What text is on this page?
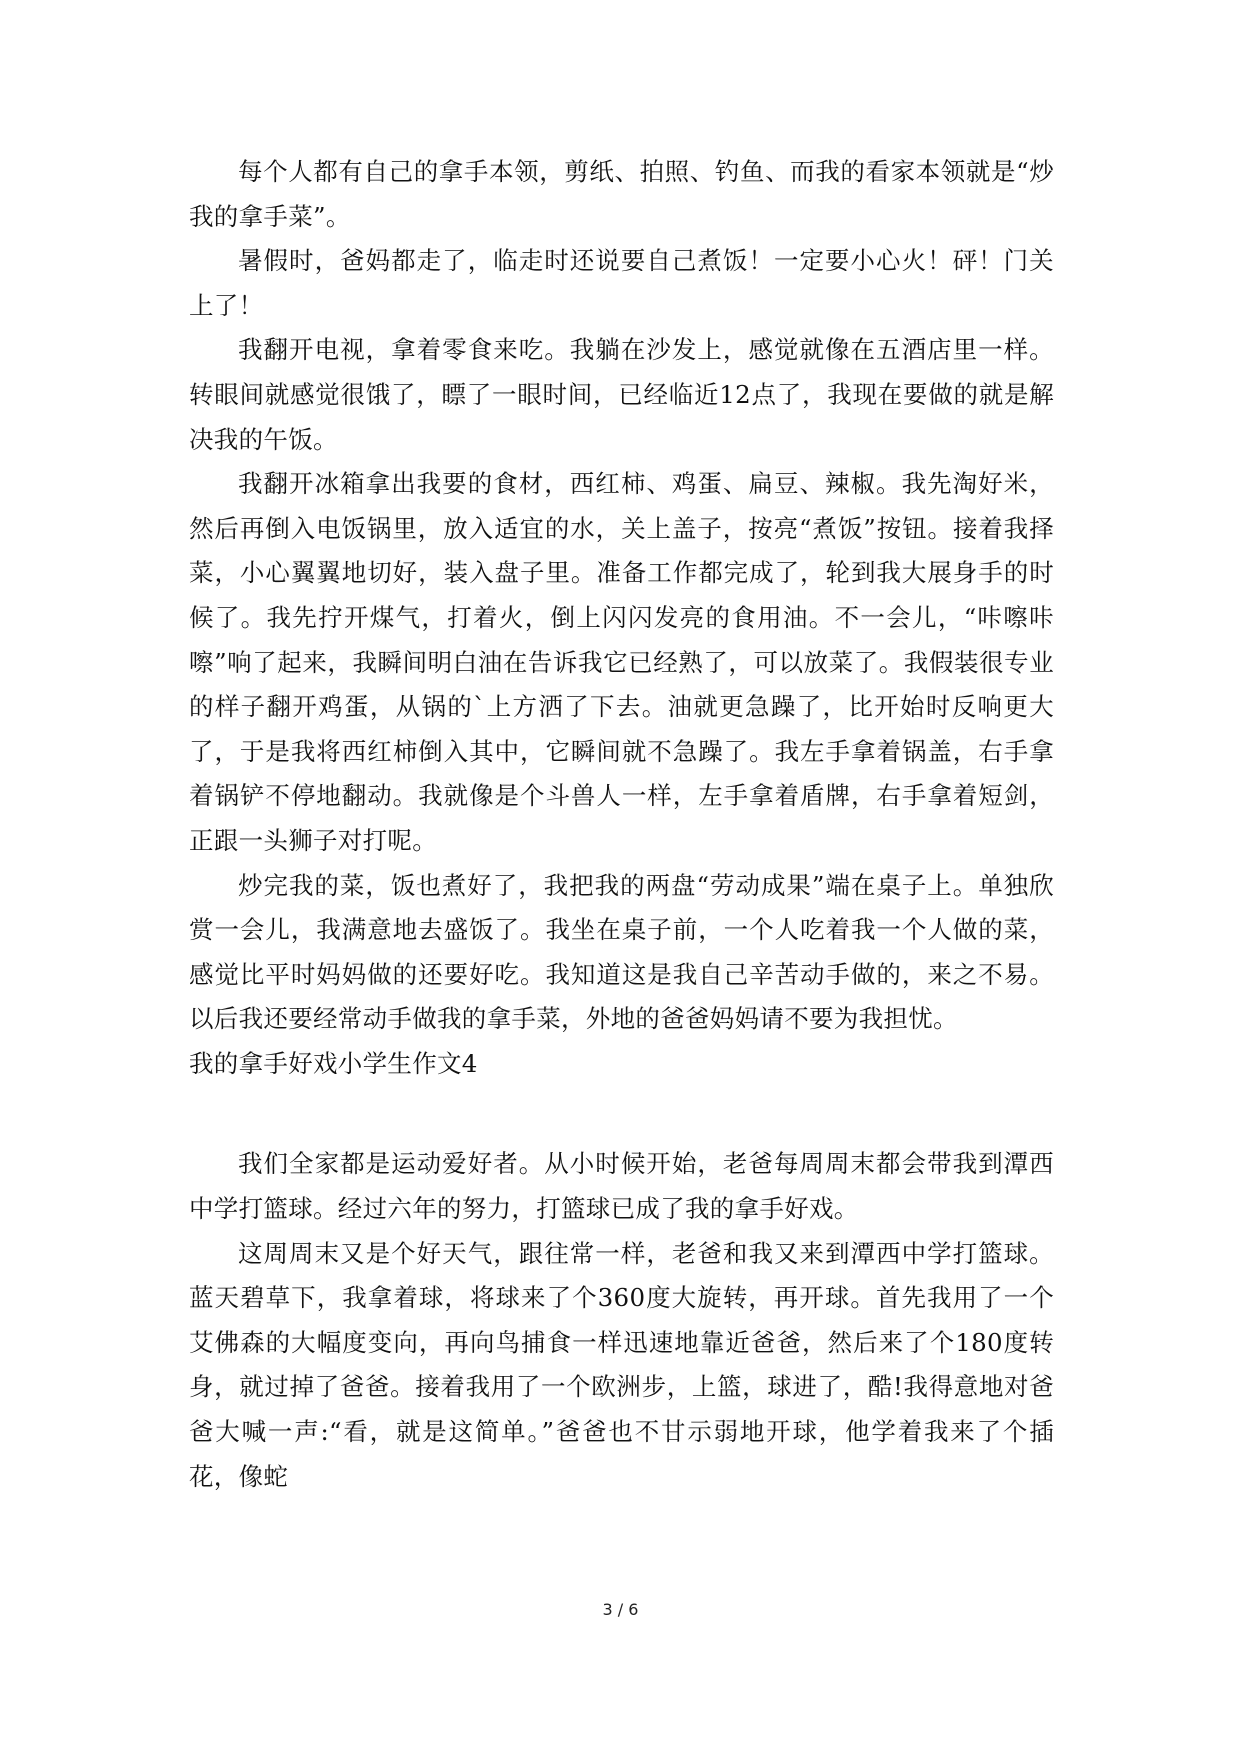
每个人都有自己的拿手本领，剪纸、拍照、钓鱼、而我的看家本领就是“炒我的拿手菜”。

暑假时，爸妈都走了，临走时还说要自己煮饭！一定要小心火！砰！门关上了！

我翻开电视，拿着零食来吃。我躺在沙发上，感觉就像在五酒店里一样。转眼间就感觉很饿了，瞟了一眼时间，已经临近12点了，我现在要做的就是解决我的午饭。

我翻开冰箱拿出我要的食材，西红柿、鸡蛋、扁豆、辣椒。我先淘好米，然后再倒入电饭锅里，放入适宜的水，关上盖子，按亮“煮饭”按钮。接着我择菜，小心翼翼地切好，装入盘子里。准备工作都完成了，轮到我大展身手的时候了。我先拧开煤气，打着火，倒上闪闪发亮的食用油。不一会儿，“咔嚓咔嚓”响了起来，我瞬间明白油在告诉我它已经熟了，可以放菜了。我假装很专业的样子翻开鸡蛋，从锅的`上方洒了下去。油就更急躁了，比开始时反响更大了，于是我将西红柿倒入其中，它瞬间就不急躁了。我左手拿着锅盖，右手拿着锅铲不停地翻动。我就像是个斗兽人一样，左手拿着盾牌，右手拿着短剑，正跟一头狮子对打呢。

炒完我的菜，饭也煮好了，我把我的两盘“劳动成果”端在桌子上。单独欣赏一会儿，我满意地去盛饭了。我坐在桌子前，一个人吃着我一个人做的菜，感觉比平时妈妈做的还要好吃。我知道这是我自己辛苦动手做的，来之不易。以后我还要经常动手做我的拿手菜，外地的爸爸妈妈请不要为我担忧。

我的拿手好戏小学生作文4

我们全家都是运动爱好者。从小时候开始，老爸每周周末都会带我到潭西中学打篮球。经过六年的努力，打篮球已成了我的拿手好戏。

这周周末又是个好天气，跟往常一样，老爸和我又来到潭西中学打篮球。蓝天碧草下，我拿着球，将球来了个360度大旋转，再开球。首先我用了一个艾佛森的大幅度变向，再向鸟捕食一样迅速地靠近爸爸，然后来了个180度转身，就过掉了爸爸。接着我用了一个欧洲步，上篮，球进了，酷!我得意地对爸爸大喊一声:“看，就是这简单。”爸爸也不甘示弱地开球，他学着我来了个插花，像蛇

3 / 6
